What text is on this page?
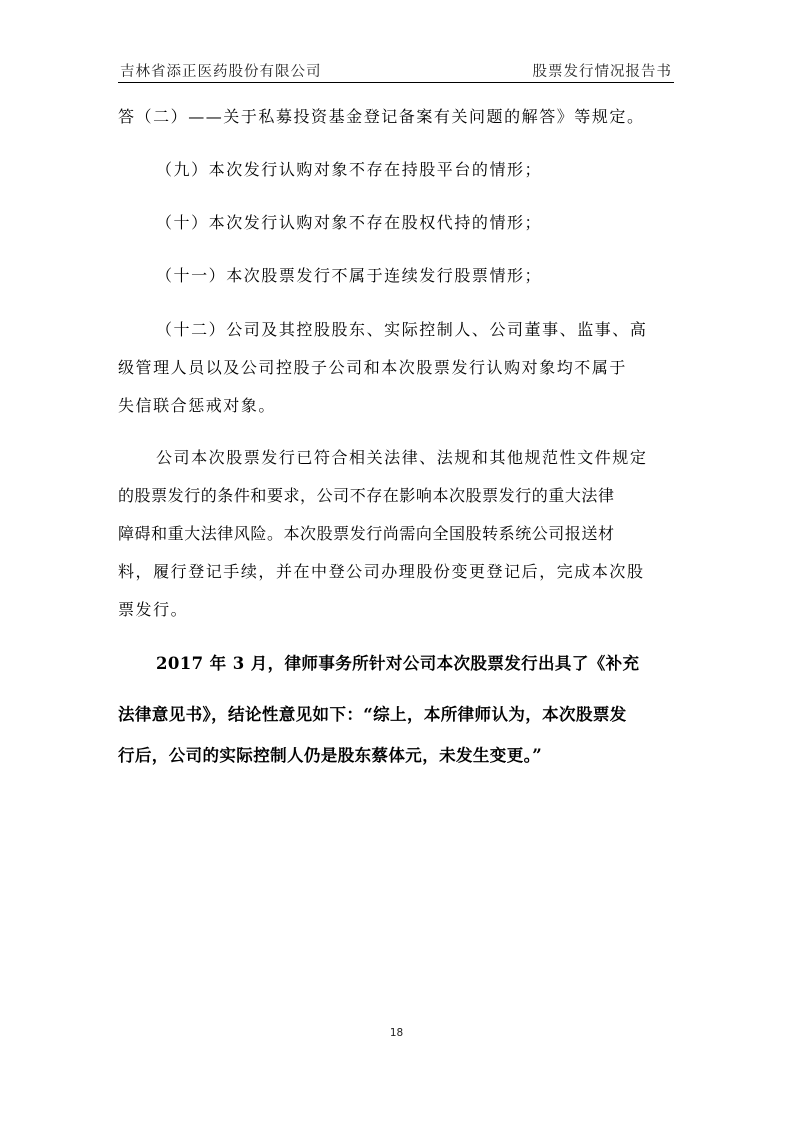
吉林省添正医药股份有限公司	股票发行情况报告书
答（二）——关于私募投资基金登记备案有关问题的解答》等规定。
（九）本次发行认购对象不存在持股平台的情形；
（十）本次发行认购对象不存在股权代持的情形；
（十一）本次股票发行不属于连续发行股票情形；
（十二）公司及其控股股东、实际控制人、公司董事、监事、高
级管理人员以及公司控股子公司和本次股票发行认购对象均不属于
失信联合惩戒对象。
公司本次股票发行已符合相关法律、法规和其他规范性文件规定
的股票发行的条件和要求，公司不存在影响本次股票发行的重大法律
障碍和重大法律风险。本次股票发行尚需向全国股转系统公司报送材
料，履行登记手续，并在中登公司办理股份变更登记后，完成本次股
票发行。
2017 年 3 月，律师事务所针对公司本次股票发行出具了《补充
法律意见书》，结论性意见如下：“综上，本所律师认为，本次股票发
行后，公司的实际控制人仍是股东蔡体元，未发生变更。”
18
